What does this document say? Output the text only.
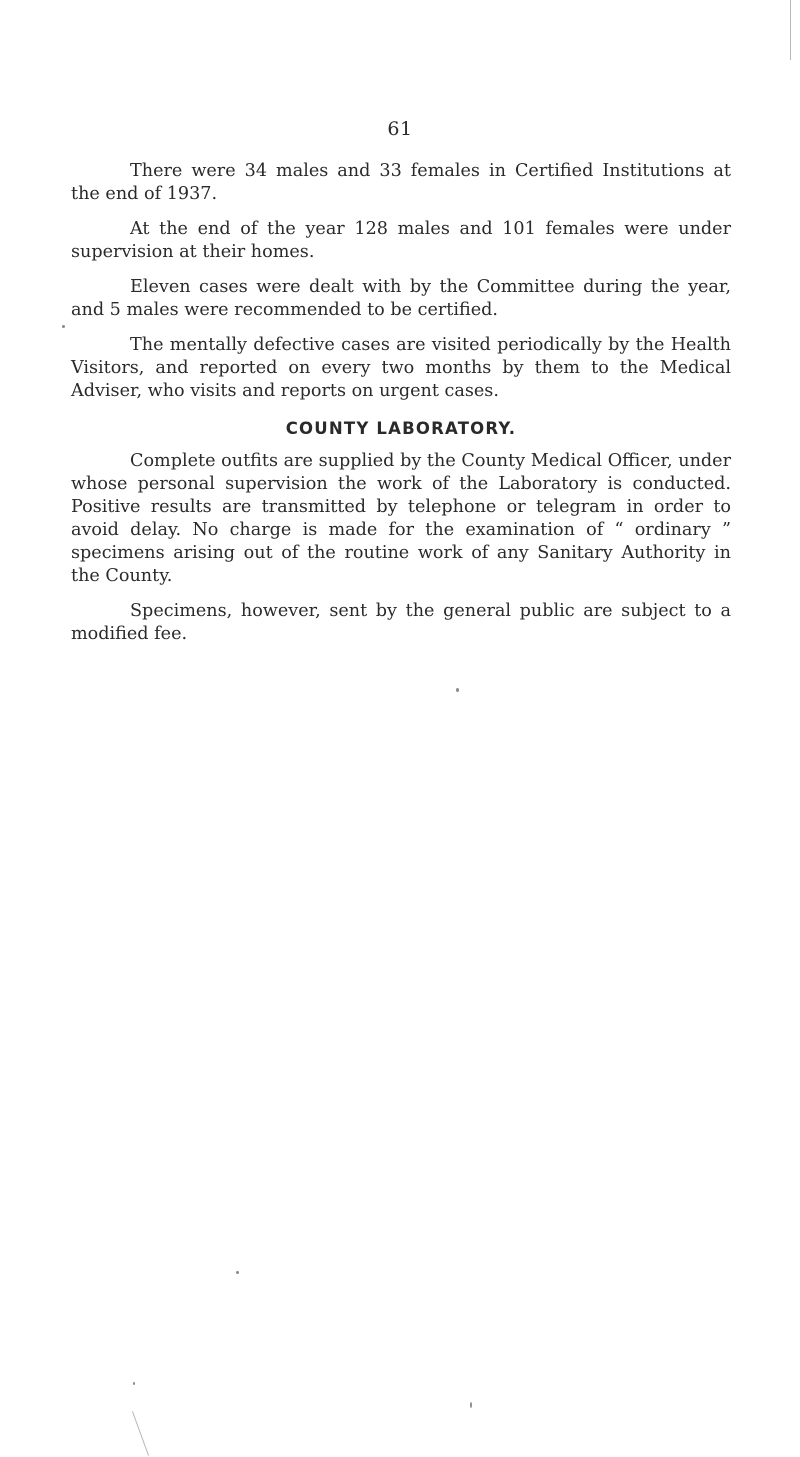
61

There were 34 males and 33 females in Certified Institutions at the end of 1937.

At the end of the year 128 males and 101 females were under supervision at their homes.

Eleven cases were dealt with by the Committee during the year, and 5 males were recommended to be certified.

The mentally defective cases are visited periodically by the Health Visitors, and reported on every two months by them to the Medical Adviser, who visits and reports on urgent cases.

COUNTY LABORATORY.

Complete outfits are supplied by the County Medical Officer, under whose personal supervision the work of the Laboratory is conducted. Positive results are transmitted by telephone or telegram in order to avoid delay. No charge is made for the examination of “ ordinary ” specimens arising out of the routine work of any Sanitary Authority in the County.

Specimens, however, sent by the general public are subject to a modified fee.
